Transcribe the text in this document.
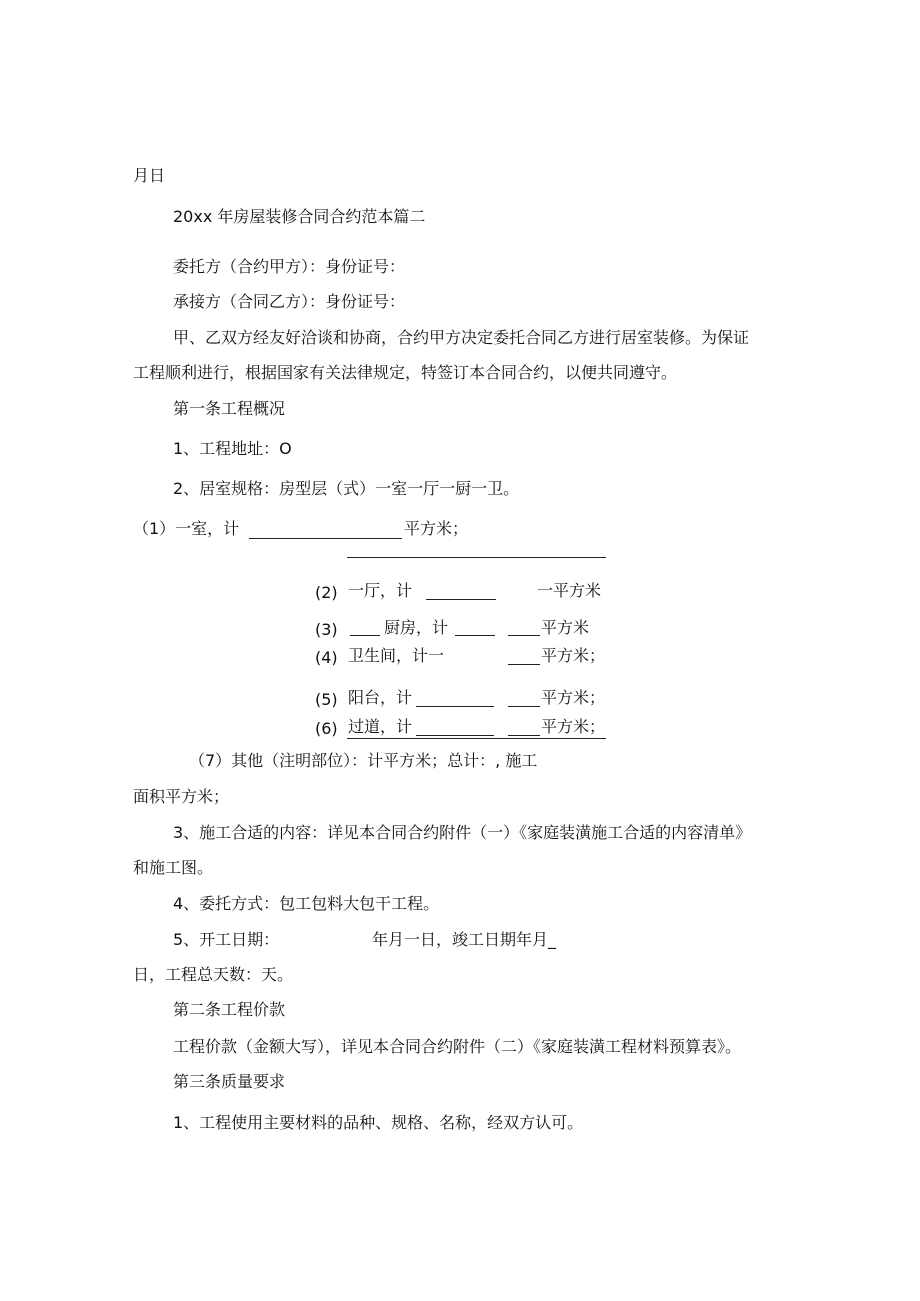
月日
20xx 年房屋装修合同合约范本篇二
委托方（合约甲方）：身份证号：
承接方（合同乙方）：身份证号：
甲、乙双方经友好洽谈和协商，合约甲方决定委托合同乙方进行居室装修。为保证
工程顺利进行，根据国家有关法律规定，特签订本合同合约，以便共同遵守。
第一条工程概况
1、工程地址：O
2、居室规格：房型层（式）一室一厅一厨一卫。
（1）一室，计	平方米；
(2) 一厅，计	一平方米
(3)	厨房，计	平方米
(4) 卫生间，计一	平方米；
(5) 阳台，计	平方米；
(6) 过道，计	平方米；
（7）其他（注明部位）：计平方米；总计：, 施工
面积平方米；
3、施工合适的内容：详见本合同合约附件（一）《家庭装潢施工合适的内容清单》
和施工图。
4、委托方式：包工包料大包干工程。
5、开工日期：	年月一日，竣工日期年月_
日，工程总天数：天。
第二条工程价款
工程价款（金额大写），详见本合同合约附件（二）《家庭装潢工程材料预算表》。
第三条质量要求
1、工程使用主要材料的品种、规格、名称，经双方认可。
